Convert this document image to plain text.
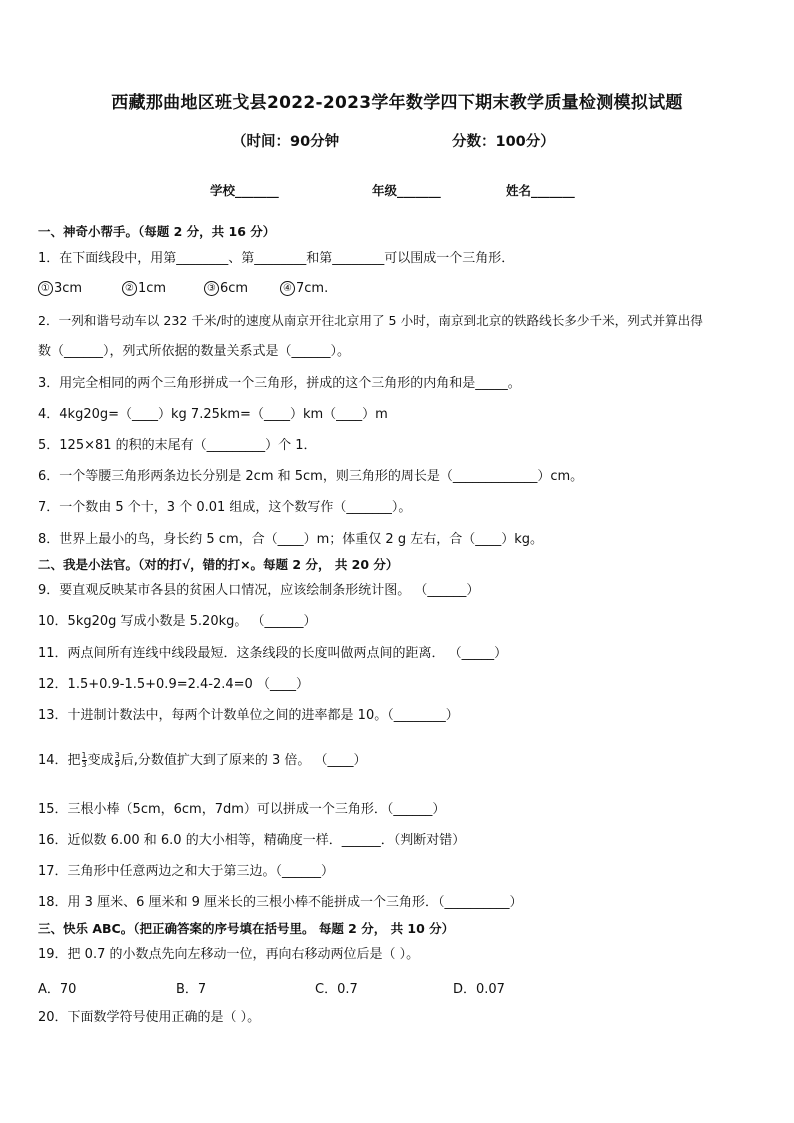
西藏那曲地区班戈县2022-2023学年数学四下期末教学质量检测模拟试题
（时间：90分钟	分数：100分）
学校_______	年级_______	姓名_______
一、神奇小帮手。（每题 2 分，共 16 分）
1．在下面线段中，用第________、第________和第________可以围成一个三角形．
① 3cm	② 1cm	③ 6cm	④ 7cm.
2．一列和谐号动车以 232 千米/时的速度从南京开往北京用了 5 小时，南京到北京的铁路线长多少千米，列式并算出得
数（______），列式所依据的数量关系式是（______）。
3．用完全相同的两个三角形拼成一个三角形，拼成的这个三角形的内角和是_____。
4．4kg20g=（____）kg 7.25km=（____）km（____）m
5．125×81 的积的末尾有（_________）个 1．
6．一个等腰三角形两条边长分别是 2cm 和 5cm，则三角形的周长是（_____________）cm。
7．一个数由 5 个十，3 个 0.01 组成，这个数写作（_______）。
8．世界上最小的鸟，身长约 5 cm，合（____）m；体重仅 2 g 左右，合（____）kg。
二、我是小法官。（对的打√，错的打×。每题 2 分， 共 20 分）
9．要直观反映某市各县的贫困人口情况，应该绘制条形统计图。 （______）
10．5kg20g 写成小数是 5.20kg。 （______）
11．两点间所有连线中线段最短．这条线段的长度叫做两点间的距离． （_____）
12．1.5+0.9-1.5+0.9=2.4-2.4=0 （____）
13．十进制计数法中，每两个计数单位之间的进率都是 10。（________）
14．把 $\frac{1}{3}$ 变成 $\frac{3}{9}$ 后,分数值扩大到了原来的 3 倍。 （____）
15．三根小棒（5cm，6cm，7dm）可以拼成一个三角形．（______）
16．近似数 6.00 和 6.0 的大小相等，精确度一样．______．（判断对错）
17．三角形中任意两边之和大于第三边。（______）
18．用 3 厘米、6 厘米和 9 厘米长的三根小棒不能拼成一个三角形．（__________）
三、快乐 ABC。（把正确答案的序号填在括号里。 每题 2 分， 共 10 分）
19．把 0.7 的小数点先向左移动一位，再向右移动两位后是（ ）。
A．70	B．7	C．0.7	D．0.07
20．下面数学符号使用正确的是（ ）。
